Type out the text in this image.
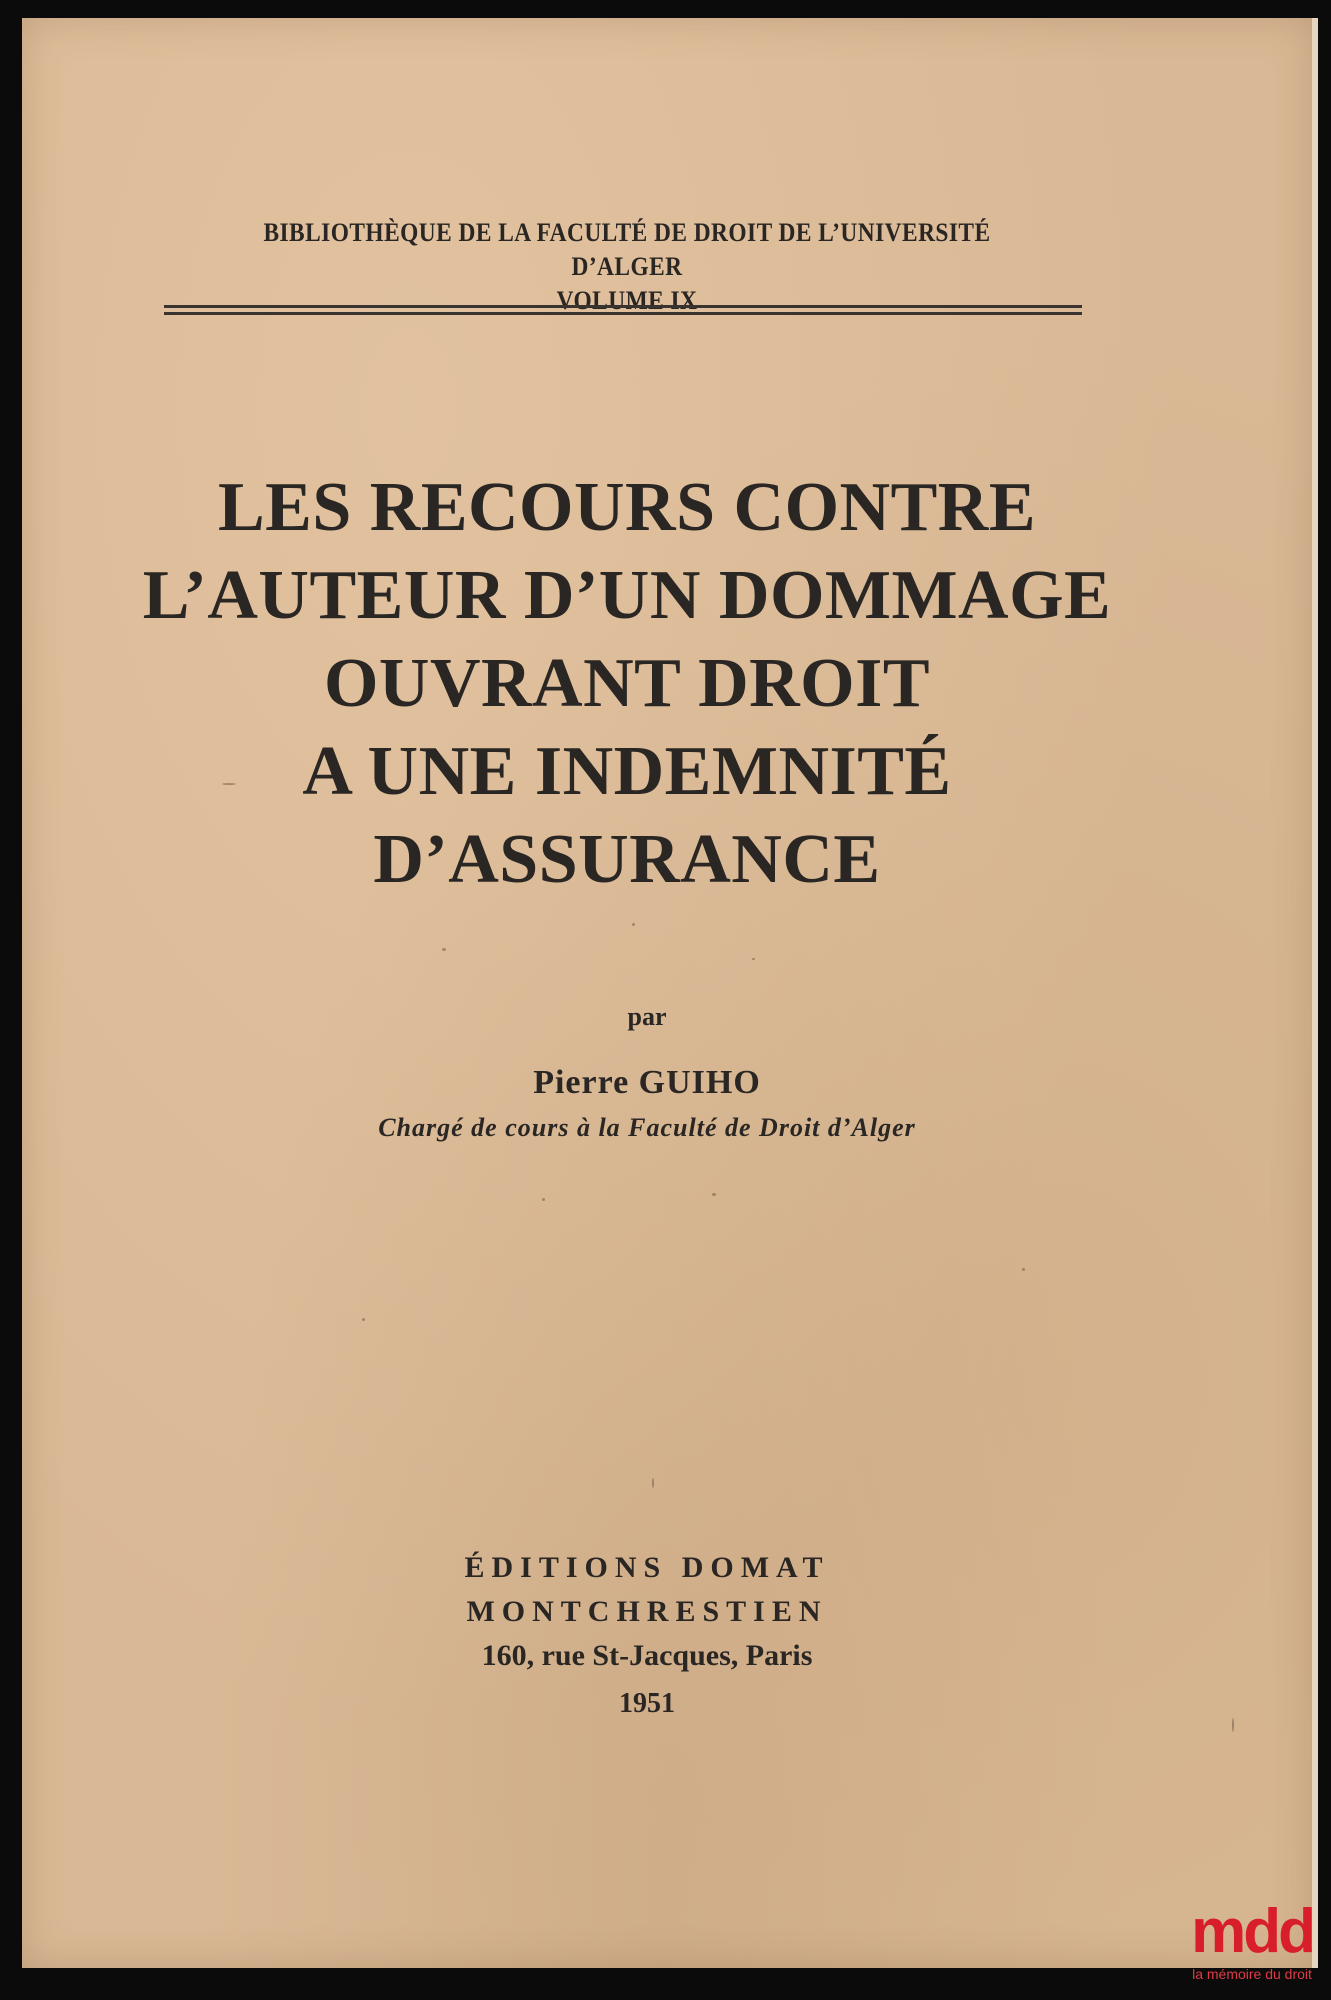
BIBLIOTHÈQUE DE LA FACULTÉ DE DROIT DE L’UNIVERSITÉ D’ALGER
VOLUME IX
LES RECOURS CONTRE
L’AUTEUR D’UN DOMMAGE
OUVRANT DROIT
A UNE INDEMNITÉ
D’ASSURANCE
par
Pierre GUIHO
Chargé de cours à la Faculté de Droit d’Alger
ÉDITIONS DOMAT
MONTCHRESTIEN
160, rue St-Jacques, Paris
1951
mdd
la mémoire du droit
